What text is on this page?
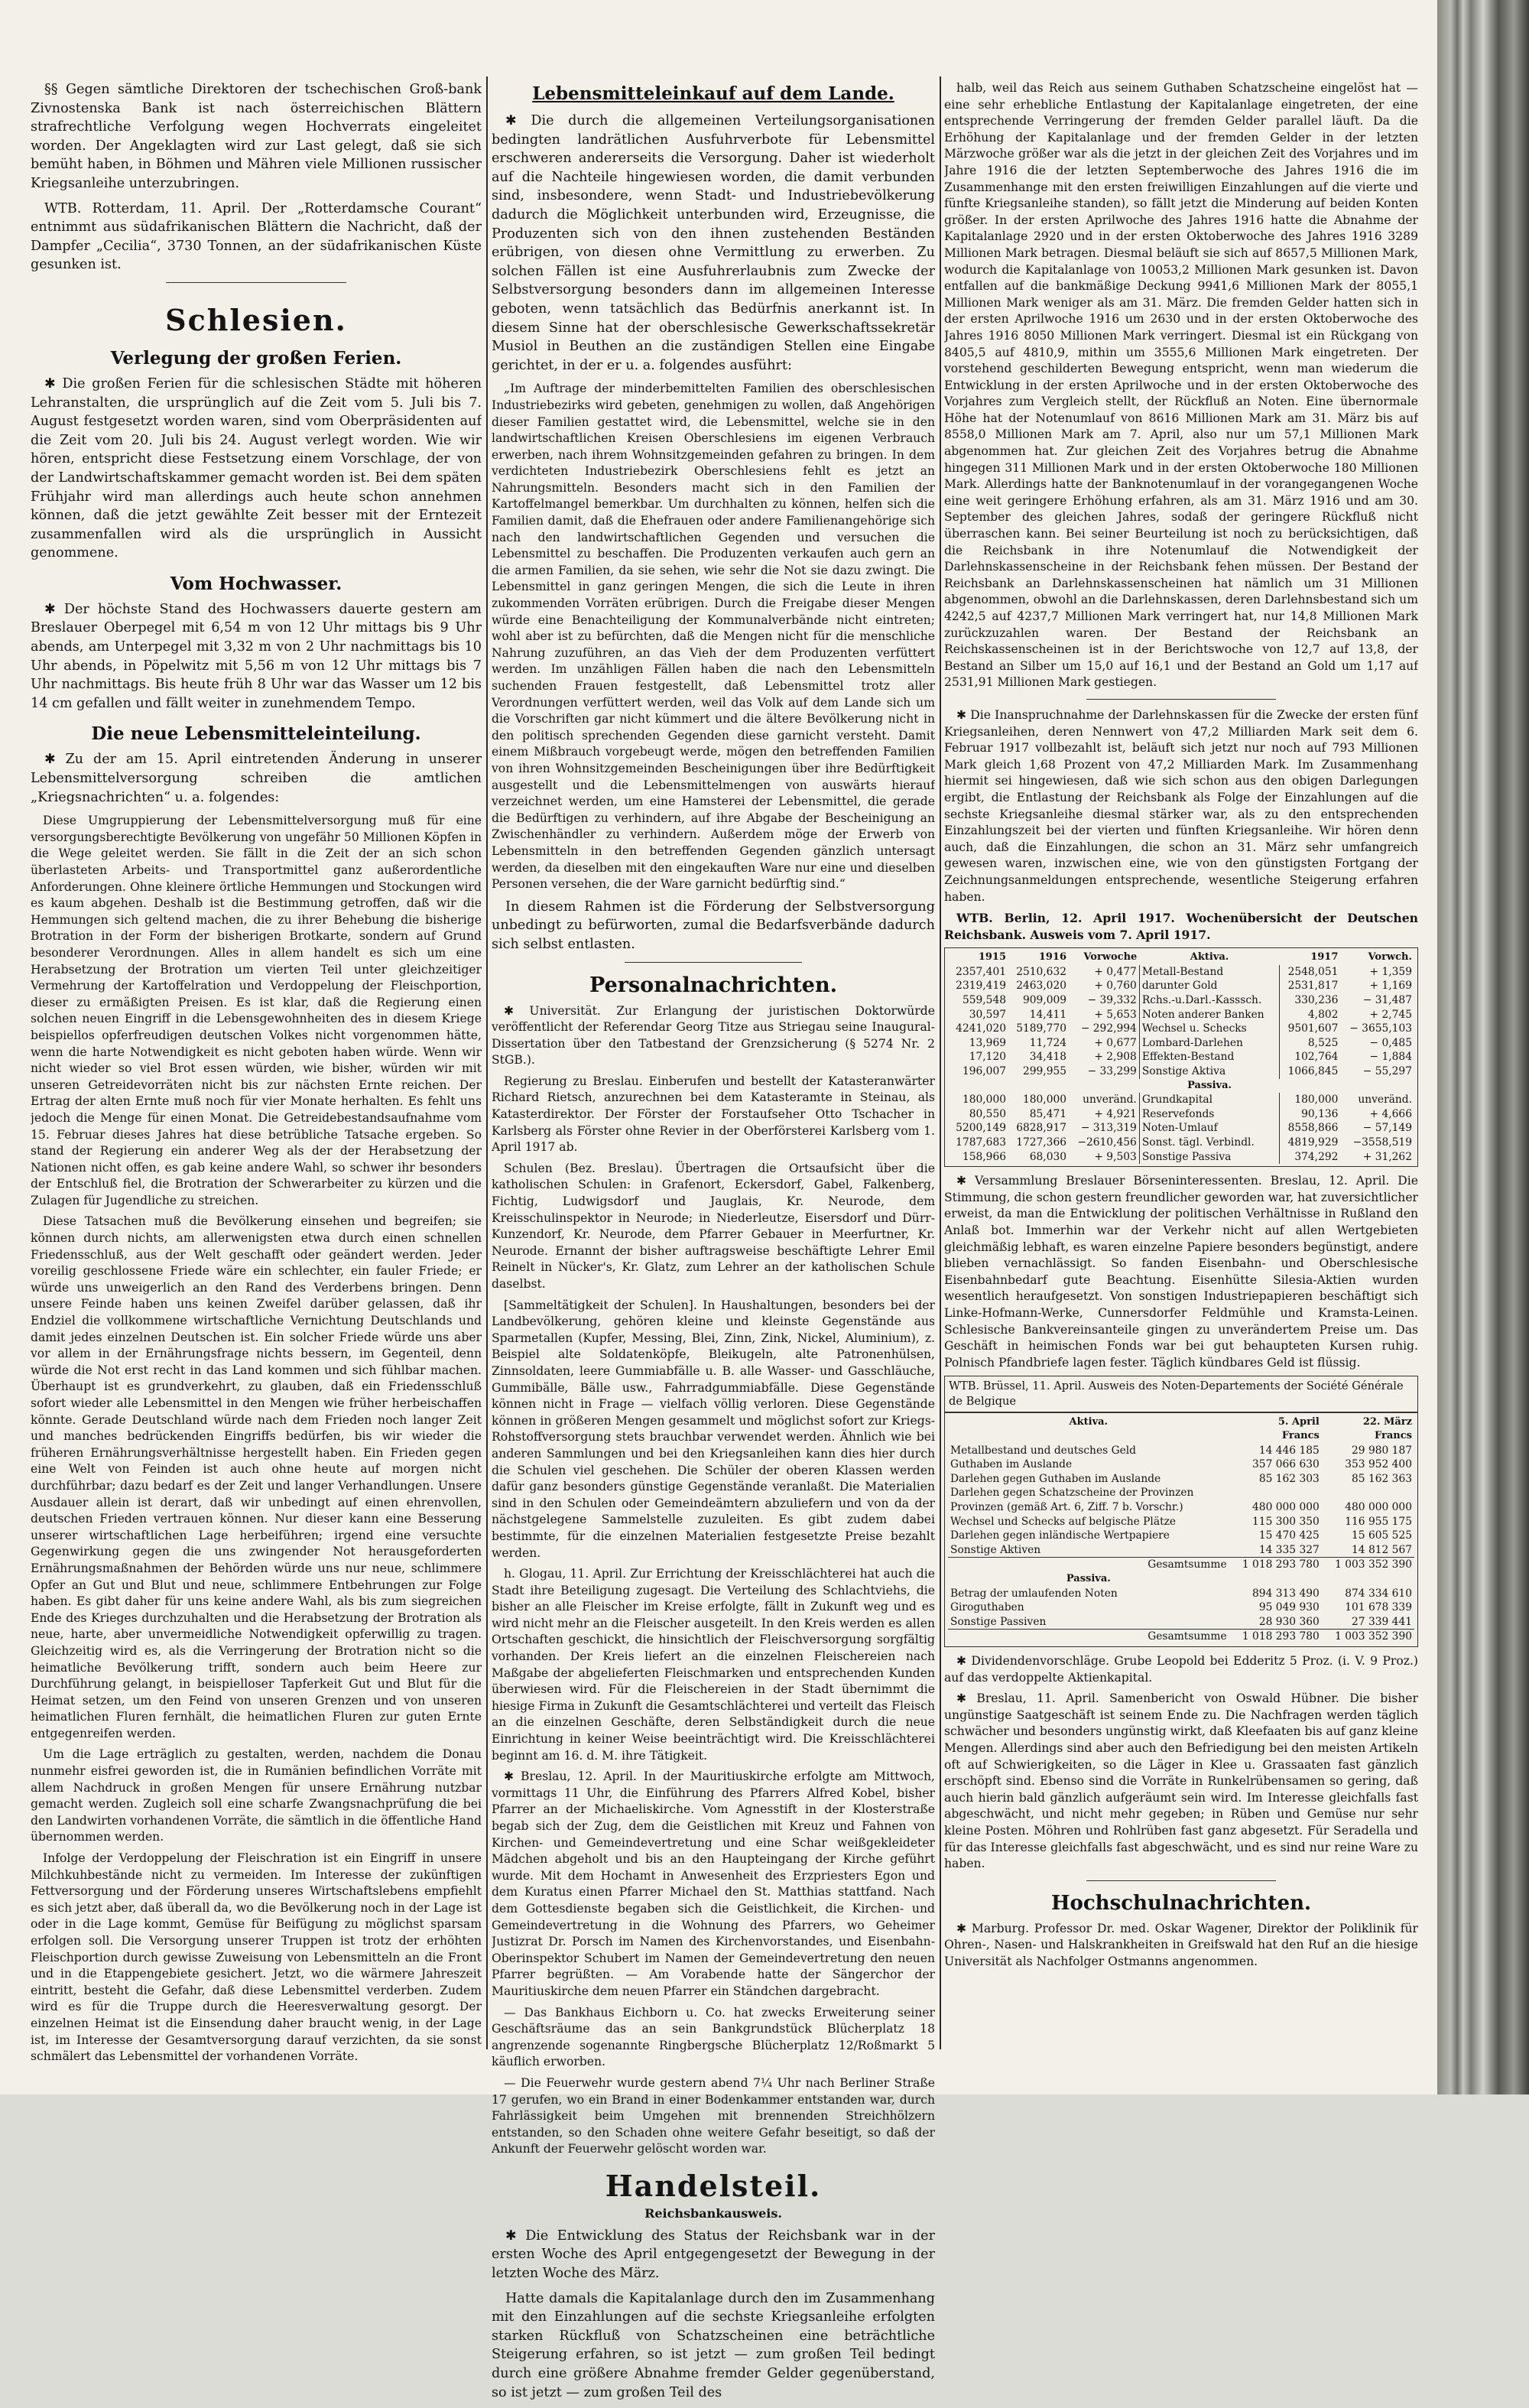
§§ Gegen sämtliche Direktoren der tschechischen Groß-bank Zivnostenska Bank ist nach österreichischen Blättern strafrechtliche Verfolgung wegen Hochverrats eingeleitet worden. Der Angeklagten wird zur Last gelegt, daß sie sich bemüht haben, in Böhmen und Mähren viele Millionen russischer Kriegsanleihe unterzubringen.

WTB. Rotterdam, 11. April. Der „Rotterdamsche Courant“ entnimmt aus südafrikanischen Blättern die Nachricht, daß der Dampfer „Cecilia“, 3730 Tonnen, an der südafrikanischen Küste gesunken ist.

Schlesien.
Verlegung der großen Ferien.

✱ Die großen Ferien für die schlesischen Städte mit höheren Lehranstalten, die ursprünglich auf die Zeit vom 5. Juli bis 7. August festgesetzt worden waren, sind vom Oberpräsidenten auf die Zeit vom 20. Juli bis 24. August verlegt worden. Wie wir hören, entspricht diese Festsetzung einem Vorschlage, der von der Landwirtschaftskammer gemacht worden ist. Bei dem späten Frühjahr wird man allerdings auch heute schon annehmen können, daß die jetzt gewählte Zeit besser mit der Erntezeit zusammenfallen wird als die ursprünglich in Aussicht genommene.

Vom Hochwasser.

✱ Der höchste Stand des Hochwassers dauerte gestern am Breslauer Oberpegel mit 6,54 m von 12 Uhr mittags bis 9 Uhr abends, am Unterpegel mit 3,32 m von 2 Uhr nachmittags bis 10 Uhr abends, in Pöpelwitz mit 5,56 m von 12 Uhr mittags bis 7 Uhr nachmittags. Bis heute früh 8 Uhr war das Wasser um 12 bis 14 cm gefallen und fällt weiter in zunehmendem Tempo.

Die neue Lebensmitteleinteilung.

✱ Zu der am 15. April eintretenden Änderung in unserer Lebensmittelversorgung schreiben die amtlichen „Kriegsnachrichten“ u. a. folgendes:

Diese Umgruppierung der Lebensmittelversorgung muß für eine versorgungsberechtigte Bevölkerung von ungefähr 50 Millionen Köpfen in die Wege geleitet werden. Sie fällt in die Zeit der an sich schon überlasteten Arbeits- und Transportmittel ganz außerordentliche Anforderungen. Ohne kleinere örtliche Hemmungen und Stockungen wird es kaum abgehen. Deshalb ist die Bestimmung getroffen, daß wir die Hemmungen sich geltend machen, die zu ihrer Behebung die bisherige Brotration in der Form der bisherigen Brotkarte, sondern auf Grund besonderer Verordnungen. Alles in allem handelt es sich um eine Herabsetzung der Brotration um vierten Teil unter gleichzeitiger Vermehrung der Kartoffelration und Verdoppelung der Fleischportion, dieser zu ermäßigten Preisen. Es ist klar, daß die Regierung einen solchen neuen Eingriff in die Lebensgewohnheiten des in diesem Kriege beispiellos opferfreudigen deutschen Volkes nicht vorgenommen hätte, wenn die harte Notwendigkeit es nicht geboten haben würde. Wenn wir nicht wieder so viel Brot essen würden, wie bisher, würden wir mit unseren Getreidevorräten nicht bis zur nächsten Ernte reichen. Der Ertrag der alten Ernte muß noch für vier Monate herhalten. Es fehlt uns jedoch die Menge für einen Monat. Die Getreidebestandsaufnahme vom 15. Februar dieses Jahres hat diese betrübliche Tatsache ergeben. So stand der Regierung ein anderer Weg als der der Herabsetzung der Nationen nicht offen, es gab keine andere Wahl, so schwer ihr besonders der Entschluß fiel, die Brotration der Schwerarbeiter zu kürzen und die Zulagen für Jugendliche zu streichen.

Diese Tatsachen muß die Bevölkerung einsehen und begreifen; sie können durch nichts, am allerwenigsten etwa durch einen schnellen Friedensschluß, aus der Welt geschafft oder geändert werden. Jeder voreilig geschlossene Friede wäre ein schlechter, ein fauler Friede; er würde uns unweigerlich an den Rand des Verderbens bringen. Denn unsere Feinde haben uns keinen Zweifel darüber gelassen, daß ihr Endziel die vollkommene wirtschaftliche Vernichtung Deutschlands und damit jedes einzelnen Deutschen ist. Ein solcher Friede würde uns aber vor allem in der Ernährungsfrage nichts bessern, im Gegenteil, denn würde die Not erst recht in das Land kommen und sich fühlbar machen. Überhaupt ist es grundverkehrt, zu glauben, daß ein Friedensschluß sofort wieder alle Lebensmittel in den Mengen wie früher herbeischaffen könnte. Gerade Deutschland würde nach dem Frieden noch langer Zeit und manches bedrückenden Eingriffs bedürfen, bis wir wieder die früheren Ernährungsverhältnisse hergestellt haben. Ein Frieden gegen eine Welt von Feinden ist auch ohne heute auf morgen nicht durchführbar; dazu bedarf es der Zeit und langer Verhandlungen. Unsere Ausdauer allein ist derart, daß wir unbedingt auf einen ehrenvollen, deutschen Frieden vertrauen können. Nur dieser kann eine Besserung unserer wirtschaftlichen Lage herbeiführen; irgend eine versuchte Gegenwirkung gegen die uns zwingender Not herausgeforderten Ernährungsmaßnahmen der Behörden würde uns nur neue, schlimmere Opfer an Gut und Blut und neue, schlimmere Entbehrungen zur Folge haben. Es gibt daher für uns keine andere Wahl, als bis zum siegreichen Ende des Krieges durchzuhalten und die Herabsetzung der Brotration als neue, harte, aber unvermeidliche Notwendigkeit opferwillig zu tragen. Gleichzeitig wird es, als die Verringerung der Brotration nicht so die heimatliche Bevölkerung trifft, sondern auch beim Heere zur Durchführung gelangt, in beispielloser Tapferkeit Gut und Blut für die Heimat setzen, um den Feind von unseren Grenzen und von unseren heimatlichen Fluren fernhält, die heimatlichen Fluren zur guten Ernte entgegenreifen werden.

Um die Lage erträglich zu gestalten, werden, nachdem die Donau nunmehr eisfrei geworden ist, die in Rumänien befindlichen Vorräte mit allem Nachdruck in großen Mengen für unsere Ernährung nutzbar gemacht werden. Zugleich soll eine scharfe Zwangsnachprüfung die bei den Landwirten vorhandenen Vorräte, die sämtlich in die öffentliche Hand übernommen werden.

Infolge der Verdoppelung der Fleischration ist ein Eingriff in unsere Milchkuhbestände nicht zu vermeiden. Im Interesse der zukünftigen Fettversorgung und der Förderung unseres Wirtschaftslebens empfiehlt es sich jetzt aber, daß überall da, wo die Bevölkerung noch in der Lage ist oder in die Lage kommt, Gemüse für Beifügung zu möglichst sparsam erfolgen soll. Die Versorgung unserer Truppen ist trotz der erhöhten Fleischportion durch gewisse Zuweisung von Lebensmitteln an die Front und in die Etappengebiete gesichert. Jetzt, wo die wärmere Jahreszeit eintritt, besteht die Gefahr, daß diese Lebensmittel verderben. Zudem wird es für die Truppe durch die Heeresverwaltung gesorgt. Der einzelnen Heimat ist die Einsendung daher braucht wenig, in der Lage ist, im Interesse der Gesamtversorgung darauf verzichten, da sie sonst schmälert das Lebensmittel der vorhandenen Vorräte.

Lebensmitteleinkauf auf dem Lande.

✱ Die durch die allgemeinen Verteilungsorganisationen bedingten landrätlichen Ausfuhrverbote für Lebensmittel erschweren andererseits die Versorgung. Daher ist wiederholt auf die Nachteile hingewiesen worden, die damit verbunden sind, insbesondere, wenn Stadt- und Industriebevölkerung dadurch die Möglichkeit unterbunden wird, Erzeugnisse, die Produzenten sich von den ihnen zustehenden Beständen erübrigen, von diesen ohne Vermittlung zu erwerben. Zu solchen Fällen ist eine Ausfuhrerlaubnis zum Zwecke der Selbstversorgung besonders dann im allgemeinen Interesse geboten, wenn tatsächlich das Bedürfnis anerkannt ist. In diesem Sinne hat der oberschlesische Gewerkschaftssekretär Musiol in Beuthen an die zuständigen Stellen eine Eingabe gerichtet, in der er u. a. folgendes ausführt:

„Im Auftrage der minderbemittelten Familien des oberschlesischen Industriebezirks wird gebeten, genehmigen zu wollen, daß Angehörigen dieser Familien gestattet wird, die Lebensmittel, welche sie in den landwirtschaftlichen Kreisen Oberschlesiens im eigenen Verbrauch erwerben, nach ihrem Wohnsitzgemeinden gefahren zu bringen. In dem verdichteten Industriebezirk Oberschlesiens fehlt es jetzt an Nahrungsmitteln. Besonders macht sich in den Familien der Kartoffelmangel bemerkbar. Um durchhalten zu können, helfen sich die Familien damit, daß die Ehefrauen oder andere Familienangehörige sich nach den landwirtschaftlichen Gegenden und versuchen die Lebensmittel zu beschaffen. Die Produzenten verkaufen auch gern an die armen Familien, da sie sehen, wie sehr die Not sie dazu zwingt. Die Lebensmittel in ganz geringen Mengen, die sich die Leute in ihren zukommenden Vorräten erübrigen. Durch die Freigabe dieser Mengen würde eine Benachteiligung der Kommunalverbände nicht eintreten; wohl aber ist zu befürchten, daß die Mengen nicht für die menschliche Nahrung zuzuführen, an das Vieh der dem Produzenten verfüttert werden. Im unzähligen Fällen haben die nach den Lebensmitteln suchenden Frauen festgestellt, daß Lebensmittel trotz aller Verordnungen verfüttert werden, weil das Volk auf dem Lande sich um die Vorschriften gar nicht kümmert und die ältere Bevölkerung nicht in den politisch sprechenden Gegenden diese garnicht versteht. Damit einem Mißbrauch vorgebeugt werde, mögen den betreffenden Familien von ihren Wohnsitzgemeinden Bescheinigungen über ihre Bedürftigkeit ausgestellt und die Lebensmittelmengen von auswärts hierauf verzeichnet werden, um eine Hamsterei der Lebensmittel, die gerade die Bedürftigen zu verhindern, auf ihre Abgabe der Bescheinigung an Zwischenhändler zu verhindern. Außerdem möge der Erwerb von Lebensmitteln in den betreffenden Gegenden gänzlich untersagt werden, da dieselben mit den eingekauften Ware nur eine und dieselben Personen versehen, die der Ware garnicht bedürftig sind.“

In diesem Rahmen ist die Förderung der Selbstversorgung unbedingt zu befürworten, zumal die Bedarfsverbände dadurch sich selbst entlasten.

Personalnachrichten.

✱ Universität. Zur Erlangung der juristischen Doktorwürde veröffentlicht der Referendar Georg Titze aus Striegau seine Inaugural-Dissertation über den Tatbestand der Grenzsicherung (§ 5274 Nr. 2 StGB.).

Regierung zu Breslau. Einberufen und bestellt der Katasteranwärter Richard Rietsch, anzurechnen bei dem Katasteramte in Steinau, als Katasterdirektor. Der Förster der Forstaufseher Otto Tschacher in Karlsberg als Förster ohne Revier in der Oberförsterei Karlsberg vom 1. April 1917 ab.

Schulen (Bez. Breslau). Übertragen die Ortsaufsicht über die katholischen Schulen: in Grafenort, Eckersdorf, Gabel, Falkenberg, Fichtig, Ludwigsdorf und Jauglais, Kr. Neurode, dem Kreisschulinspektor in Neurode; in Niederleutze, Eisersdorf und Dürr-Kunzendorf, Kr. Neurode, dem Pfarrer Gebauer in Meerfurtner, Kr. Neurode. Ernannt der bisher auftragsweise beschäftigte Lehrer Emil Reinelt in Nücker's, Kr. Glatz, zum Lehrer an der katholischen Schule daselbst.

[Sammeltätigkeit der Schulen]. In Haushaltungen, besonders bei der Landbevölkerung, gehören kleine und kleinste Gegenstände aus Sparmetallen (Kupfer, Messing, Blei, Zinn, Zink, Nickel, Aluminium), z. Beispiel alte Soldatenköpfe, Bleikugeln, alte Patronenhülsen, Zinnsoldaten, leere Gummiabfälle u. B. alle Wasser- und Gasschläuche, Gummibälle, Bälle usw., Fahrradgummiabfälle. Diese Gegenstände können nicht in Frage — vielfach völlig verloren. Diese Gegenstände können in größeren Mengen gesammelt und möglichst sofort zur Kriegs-Rohstoffversorgung stets brauchbar verwendet werden. Ähnlich wie bei anderen Sammlungen und bei den Kriegsanleihen kann dies hier durch die Schulen viel geschehen. Die Schüler der oberen Klassen werden dafür ganz besonders günstige Gegenstände veranlaßt. Die Materialien sind in den Schulen oder Gemeindeämtern abzuliefern und von da der nächstgelegene Sammelstelle zuzuleiten. Es gibt zudem dabei bestimmte, für die einzelnen Materialien festgesetzte Preise bezahlt werden.

h. Glogau, 11. April. Zur Errichtung der Kreisschlächterei hat auch die Stadt ihre Beteiligung zugesagt. Die Verteilung des Schlachtviehs, die bisher an alle Fleischer im Kreise erfolgte, fällt in Zukunft weg und es wird nicht mehr an die Fleischer ausgeteilt. In den Kreis werden es allen Ortschaften geschickt, die hinsichtlich der Fleischversorgung sorgfältig vorhanden. Der Kreis liefert an die einzelnen Fleischereien nach Maßgabe der abgelieferten Fleischmarken und entsprechenden Kunden überwiesen wird. Für die Fleischereien in der Stadt übernimmt die hiesige Firma in Zukunft die Gesamtschlächterei und verteilt das Fleisch an die einzelnen Geschäfte, deren Selbständigkeit durch die neue Einrichtung in keiner Weise beeinträchtigt wird. Die Kreisschlächterei beginnt am 16. d. M. ihre Tätigkeit.

✱ Breslau, 12. April. In der Mauritiuskirche erfolgte am Mittwoch, vormittags 11 Uhr, die Einführung des Pfarrers Alfred Kobel, bisher Pfarrer an der Michaeliskirche. Vom Agnesstift in der Klosterstraße begab sich der Zug, dem die Geistlichen mit Kreuz und Fahnen von Kirchen- und Gemeindevertretung und eine Schar weißgekleideter Mädchen abgeholt und bis an den Haupteingang der Kirche geführt wurde. Mit dem Hochamt in Anwesenheit des Erzpriesters Egon und dem Kuratus einen Pfarrer Michael den St. Matthias stattfand. Nach dem Gottesdienste begaben sich die Geistlichkeit, die Kirchen- und Gemeindevertretung in die Wohnung des Pfarrers, wo Geheimer Justizrat Dr. Porsch im Namen des Kirchenvorstandes, und Eisenbahn-Oberinspektor Schubert im Namen der Gemeindevertretung den neuen Pfarrer begrüßten. — Am Vorabende hatte der Sängerchor der Mauritiuskirche dem neuen Pfarrer ein Ständchen dargebracht.

— Das Bankhaus Eichborn u. Co. hat zwecks Erweiterung seiner Geschäftsräume das an sein Bankgrundstück Blücherplatz 18 angrenzende sogenannte Ringbergsche Blücherplatz 12/Roßmarkt 5 käuflich erworben.

— Die Feuerwehr wurde gestern abend 7¼ Uhr nach Berliner Straße 17 gerufen, wo ein Brand in einer Bodenkammer entstanden war, durch Fahrlässigkeit beim Umgehen mit brennenden Streichhölzern entstanden, so den Schaden ohne weitere Gefahr beseitigt, so daß der Ankunft der Feuerwehr gelöscht worden war.

Handelsteil.
Reichsbankausweis.

✱ Die Entwicklung des Status der Reichsbank war in der ersten Woche des April entgegengesetzt der Bewegung in der letzten Woche des März.

Hatte damals die Kapitalanlage durch den im Zusammenhang mit den Einzahlungen auf die sechste Kriegsanleihe erfolgten starken Rückfluß von Schatzscheinen eine beträchtliche Steigerung erfahren, so ist jetzt — zum großen Teil bedingt durch eine größere Abnahme fremder Gelder gegenüberstand, so ist jetzt — zum großen Teil des

halb, weil das Reich aus seinem Guthaben Schatzscheine eingelöst hat — eine sehr erhebliche Entlastung der Kapitalanlage eingetreten, der eine entsprechende Verringerung der fremden Gelder parallel läuft. Da die Erhöhung der Kapitalanlage und der fremden Gelder in der letzten Märzwoche größer war als die jetzt in der gleichen Zeit des Vorjahres und im Jahre 1916 die der letzten Septemberwoche des Jahres 1916 die im Zusammenhange mit den ersten freiwilligen Einzahlungen auf die vierte und fünfte Kriegsanleihe standen), so fällt jetzt die Minderung auf beiden Konten größer. In der ersten Aprilwoche des Jahres 1916 hatte die Abnahme der Kapitalanlage 2920 und in der ersten Oktoberwoche des Jahres 1916 3289 Millionen Mark betragen. Diesmal beläuft sie sich auf 8657,5 Millionen Mark, wodurch die Kapitalanlage von 10053,2 Millionen Mark gesunken ist. Davon entfallen auf die bankmäßige Deckung 9941,6 Millionen Mark der 8055,1 Millionen Mark weniger als am 31. März. Die fremden Gelder hatten sich in der ersten Aprilwoche 1916 um 2630 und in der ersten Oktoberwoche des Jahres 1916 8050 Millionen Mark verringert. Diesmal ist ein Rückgang von 8405,5 auf 4810,9, mithin um 3555,6 Millionen Mark eingetreten. Der vorstehend geschilderten Bewegung entspricht, wenn man wiederum die Entwicklung in der ersten Aprilwoche und in der ersten Oktoberwoche des Vorjahres zum Vergleich stellt, der Rückfluß an Noten. Eine übernormale Höhe hat der Notenumlauf von 8616 Millionen Mark am 31. März bis auf 8558,0 Millionen Mark am 7. April, also nur um 57,1 Millionen Mark abgenommen hat. Zur gleichen Zeit des Vorjahres betrug die Abnahme hingegen 311 Millionen Mark und in der ersten Oktoberwoche 180 Millionen Mark. Allerdings hatte der Banknotenumlauf in der vorangegangenen Woche eine weit geringere Erhöhung erfahren, als am 31. März 1916 und am 30. September des gleichen Jahres, sodaß der geringere Rückfluß nicht überraschen kann. Bei seiner Beurteilung ist noch zu berücksichtigen, daß die Reichsbank in ihre Notenumlauf die Notwendigkeit der Darlehnskassenscheine in der Reichsbank fehen müssen. Der Bestand der Reichsbank an Darlehnskassenscheinen hat nämlich um 31 Millionen abgenommen, obwohl an die Darlehnskassen, deren Darlehnsbestand sich um 4242,5 auf 4237,7 Millionen Mark verringert hat, nur 14,8 Millionen Mark zurückzuzahlen waren. Der Bestand der Reichsbank an Reichskassenscheinen ist in der Berichtswoche von 12,7 auf 13,8, der Bestand an Silber um 15,0 auf 16,1 und der Bestand an Gold um 1,17 auf 2531,91 Millionen Mark gestiegen.

✱ Die Inanspruchnahme der Darlehnskassen für die Zwecke der ersten fünf Kriegsanleihen, deren Nennwert von 47,2 Milliarden Mark seit dem 6. Februar 1917 vollbezahlt ist, beläuft sich jetzt nur noch auf 793 Millionen Mark gleich 1,68 Prozent von 47,2 Milliarden Mark. Im Zusammenhang hiermit sei hingewiesen, daß wie sich schon aus den obigen Darlegungen ergibt, die Entlastung der Reichsbank als Folge der Einzahlungen auf die sechste Kriegsanleihe diesmal stärker war, als zu den entsprechenden Einzahlungszeit bei der vierten und fünften Kriegsanleihe. Wir hören denn auch, daß die Einzahlungen, die schon an 31. März sehr umfangreich gewesen waren, inzwischen eine, wie von den günstigsten Fortgang der Zeichnungsanmeldungen entsprechende, wesentliche Steigerung erfahren haben.

WTB. Berlin, 12. April 1917. Wochenübersicht der Deutschen Reichsbank. Ausweis vom 7. April 1917.

1915	1916	Vorwoche	Aktiva.	1917	Vorwch.
2357,401	2510,632	+ 0,477	Metall-Bestand	2548,051	+ 1,359
2319,419	2463,020	+ 0,760	darunter Gold	2531,817	+ 1,169
559,548	909,009	− 39,332	Rchs.-u.Darl.-Kasssch.	330,236	− 31,487
30,597	14,411	+ 5,653	Noten anderer Banken	4,802	+ 2,745
4241,020	5189,770	− 292,994	Wechsel u. Schecks	9501,607	− 3655,103
13,969	11,724	+ 0,677	Lombard-Darlehen	8,525	− 0,485
17,120	34,418	+ 2,908	Effekten-Bestand	102,764	− 1,884
196,007	299,955	− 33,299	Sonstige Aktiva	1066,845	− 55,297
			Passiva.		
180,000	180,000	unveränd.	Grundkapital	180,000	unveränd.
80,550	85,471	+ 4,921	Reservefonds	90,136	+ 4,666
5200,149	6828,917	− 313,319	Noten-Umlauf	8558,866	− 57,149
1787,683	1727,366	−2610,456	Sonst. tägl. Verbindl.	4819,929	−3558,519
158,966	68,030	+ 9,503	Sonstige Passiva	374,292	+ 31,262

✱ Versammlung Breslauer Börseninteressenten. Breslau, 12. April. Die Stimmung, die schon gestern freundlicher geworden war, hat zuversichtlicher erweist, da man die Entwicklung der politischen Verhältnisse in Rußland den Anlaß bot. Immerhin war der Verkehr nicht auf allen Wertgebieten gleichmäßig lebhaft, es waren einzelne Papiere besonders begünstigt, andere blieben vernachlässigt. So fanden Eisenbahn- und Oberschlesische Eisenbahnbedarf gute Beachtung. Eisenhütte Silesia-Aktien wurden wesentlich heraufgesetzt. Von sonstigen Industriepapieren beschäftigt sich Linke-Hofmann-Werke, Cunnersdorfer Feldmühle und Kramsta-Leinen. Schlesische Bankvereinsanteile gingen zu unverändertem Preise um. Das Geschäft in heimischen Fonds war bei gut behaupteten Kursen ruhig. Polnisch Pfandbriefe lagen fester. Täglich kündbares Geld ist flüssig.

WTB. Brüssel, 11. April. Ausweis des Noten-Departements der Société Générale de Belgique
Aktiva.	5. April	22. März
	Francs	Francs
Metallbestand und deutsches Geld	14 446 185	29 980 187
Guthaben im Auslande	357 066 630	353 952 400
Darlehen gegen Guthaben im Auslande	85 162 303	85 162 363
Darlehen gegen Schatzscheine der Provinzen		
Provinzen (gemäß Art. 6, Ziff. 7 b. Vorschr.)	480 000 000	480 000 000
Wechsel und Schecks auf belgische Plätze	115 300 350	116 955 175
Darlehen gegen inländische Wertpapiere	15 470 425	15 605 525
Sonstige Aktiven	14 335 327	14 812 567
Gesamtsumme	1 018 293 780	1 003 352 390
Passiva.		
Betrag der umlaufenden Noten	894 313 490	874 334 610
Giroguthaben	95 049 930	101 678 339
Sonstige Passiven	28 930 360	27 339 441
Gesamtsumme	1 018 293 780	1 003 352 390

✱ Dividendenvorschläge. Grube Leopold bei Edderitz 5 Proz. (i. V. 9 Proz.) auf das verdoppelte Aktienkapital.

✱ Breslau, 11. April. Samenbericht von Oswald Hübner. Die bisher ungünstige Saatgeschäft ist seinem Ende zu. Die Nachfragen werden täglich schwächer und besonders ungünstig wirkt, daß Kleefaaten bis auf ganz kleine Mengen. Allerdings sind aber auch den Befriedigung bei den meisten Artikeln oft auf Schwierigkeiten, so die Läger in Klee u. Grassaaten fast gänzlich erschöpft sind. Ebenso sind die Vorräte in Runkelrübensamen so gering, daß auch hierin bald gänzlich aufgeräumt sein wird. Im Interesse gleichfalls fast abgeschwächt, und nicht mehr gegeben; in Rüben und Gemüse nur sehr kleine Posten. Möhren und Rohlrüben fast ganz abgesetzt. Für Seradella und für das Interesse gleichfalls fast abgeschwächt, und es sind nur reine Ware zu haben.

Hochschulnachrichten.

✱ Marburg. Professor Dr. med. Oskar Wagener, Direktor der Poliklinik für Ohren-, Nasen- und Halskrankheiten in Greifswald hat den Ruf an die hiesige Universität als Nachfolger Ostmanns angenommen.
